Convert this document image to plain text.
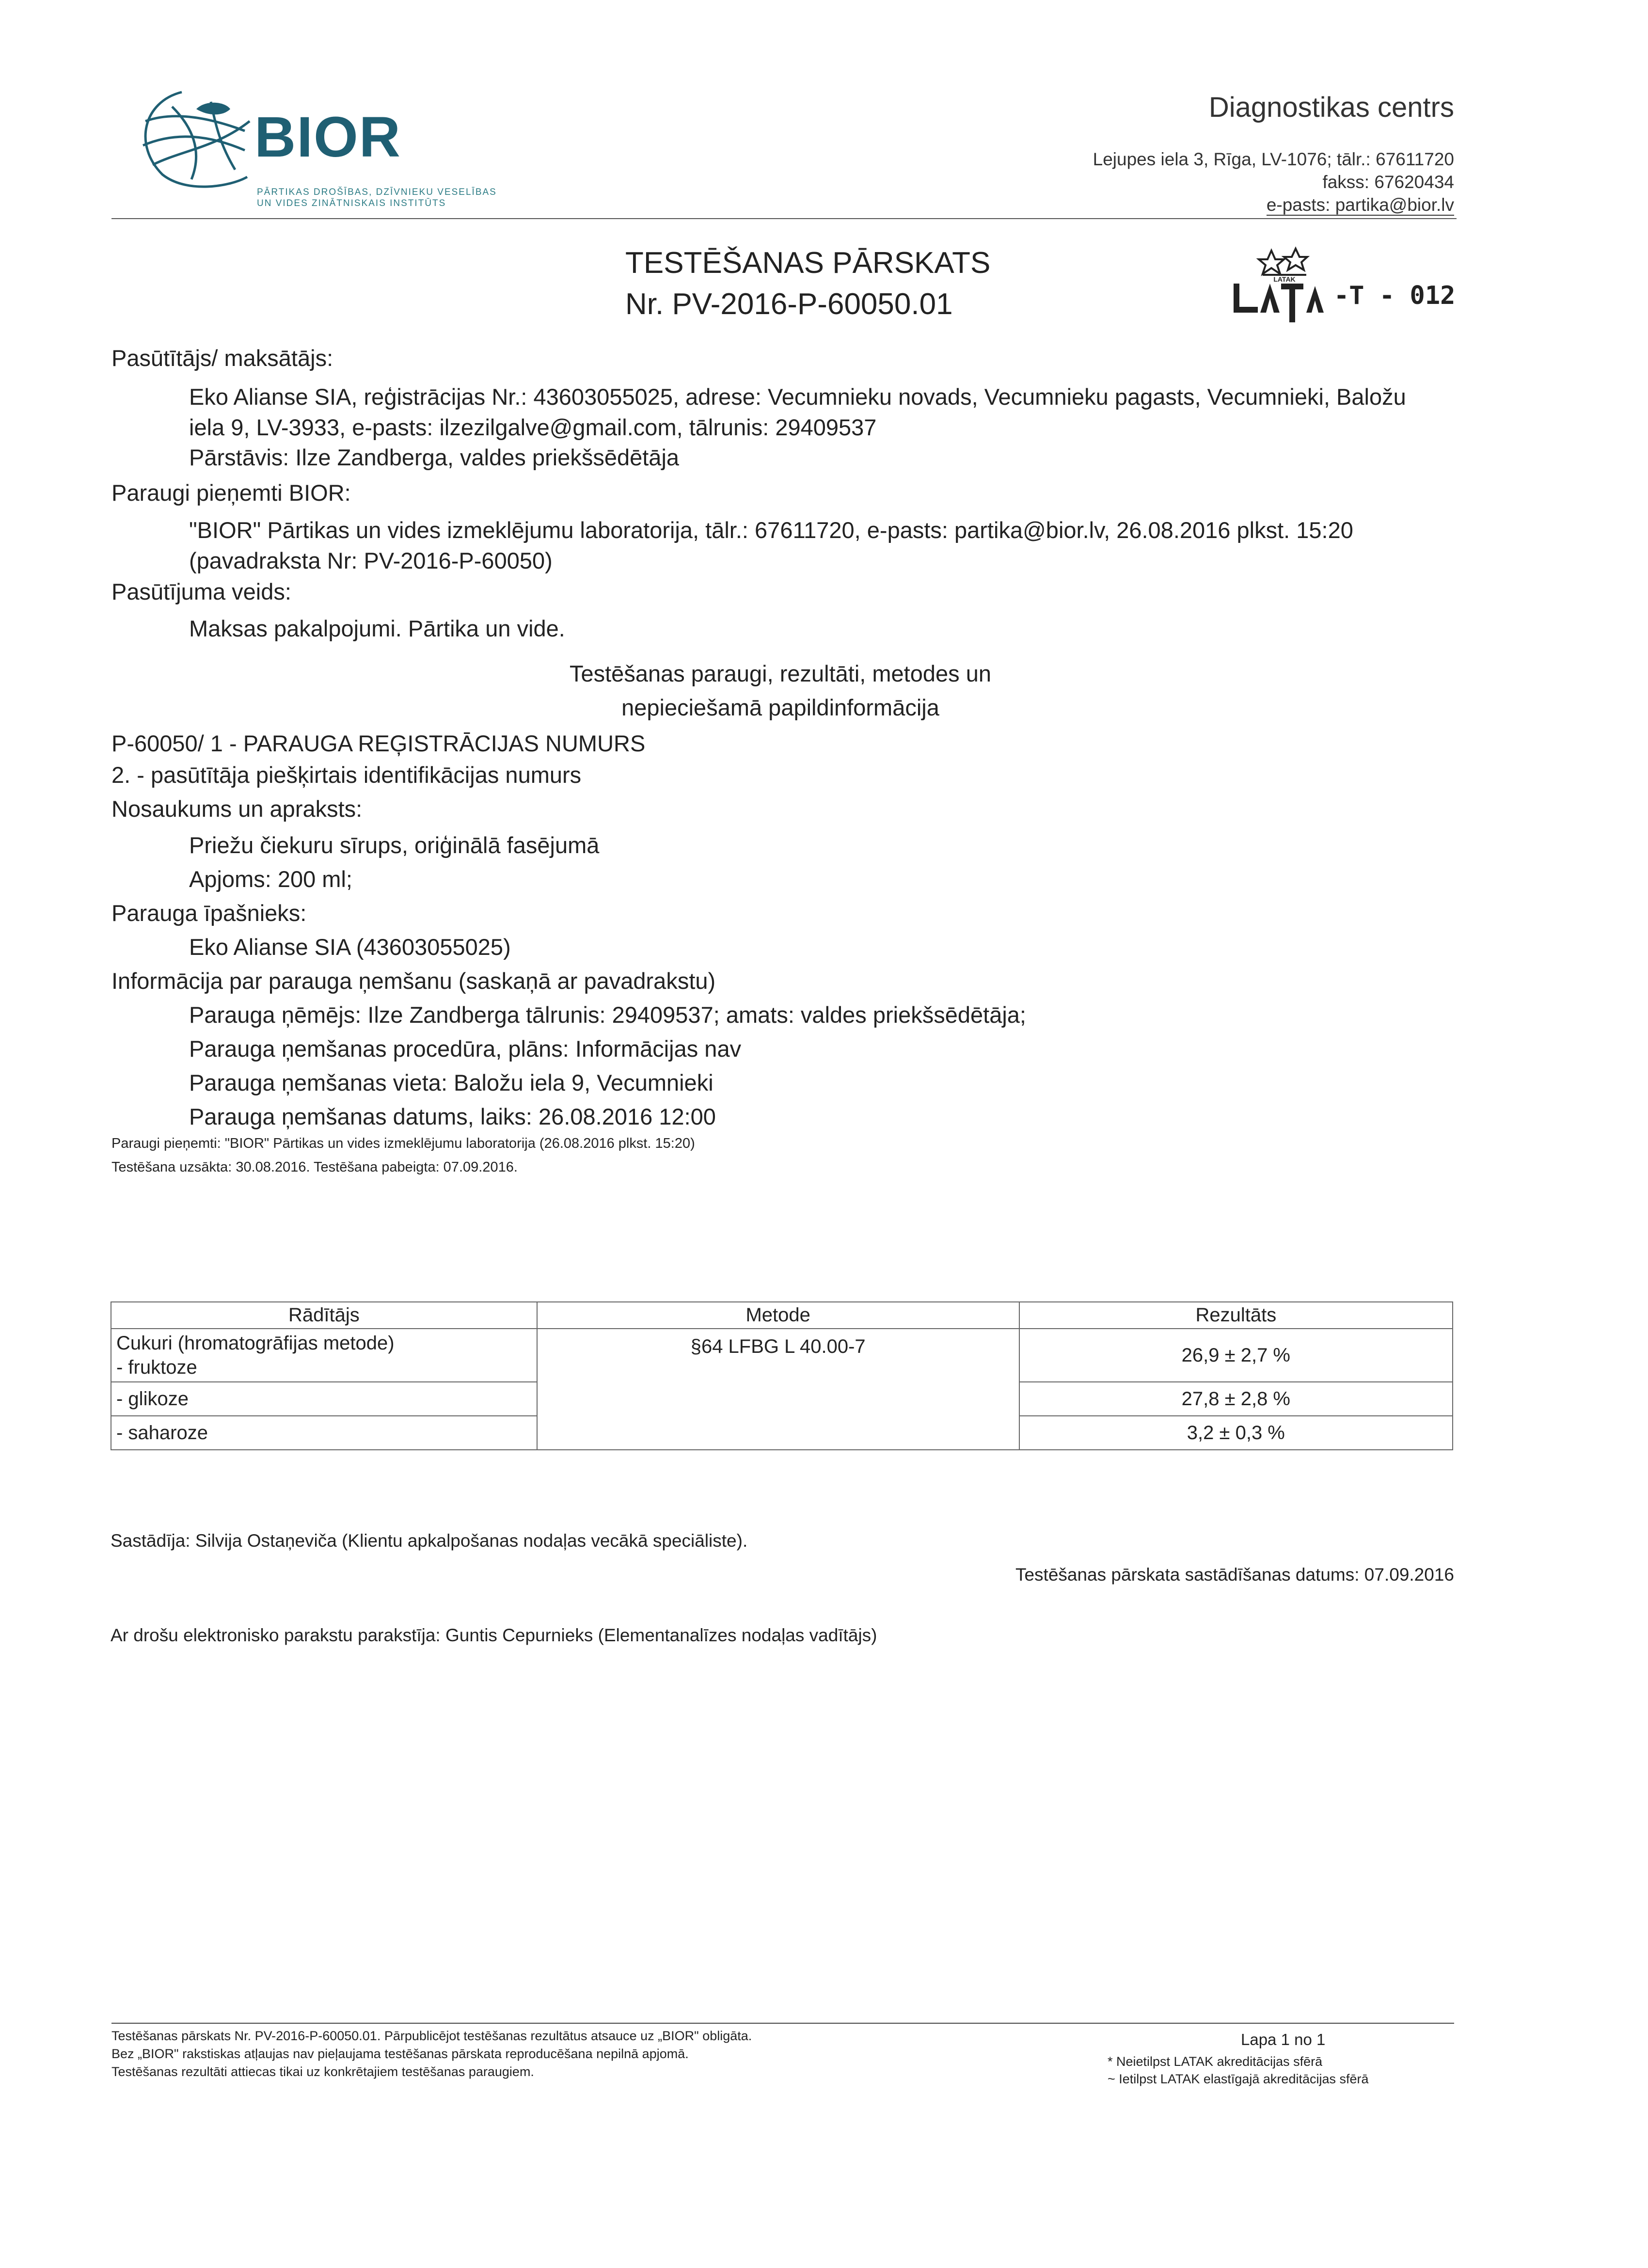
BIOR
PĀRTIKAS DROŠĪBAS, DZĪVNIEKU VESELĪBAS
UN VIDES ZINĀTNISKAIS INSTITŪTS
Diagnostikas centrs
Lejupes iela 3, Rīga, LV-1076; tālr.: 67611720
fakss: 67620434
e-pasts: partika@bior.lv
TESTĒŠANAS PĀRSKATS
Nr. PV-2016-P-60050.01
LATAK
-T - 012
Pasūtītājs/ maksātājs:
Eko Alianse SIA, reģistrācijas Nr.: 43603055025, adrese: Vecumnieku novads, Vecumnieku pagasts, Vecumnieki, Baložu
iela 9, LV-3933, e-pasts: ilzezilgalve@gmail.com, tālrunis: 29409537
Pārstāvis: Ilze Zandberga, valdes priekšsēdētāja
Paraugi pieņemti BIOR:
"BIOR" Pārtikas un vides izmeklējumu laboratorija, tālr.: 67611720, e-pasts: partika@bior.lv, 26.08.2016 plkst. 15:20
(pavadraksta Nr: PV-2016-P-60050)
Pasūtījuma veids:
Maksas pakalpojumi. Pārtika un vide.
Testēšanas paraugi, rezultāti, metodes un
nepieciešamā papildinformācija
P-60050/ 1 - PARAUGA REĢISTRĀCIJAS NUMURS
2. - pasūtītāja piešķirtais identifikācijas numurs
Nosaukums un apraksts:
Priežu čiekuru sīrups, oriģinālā fasējumā
Apjoms: 200 ml;
Parauga īpašnieks:
Eko Alianse SIA (43603055025)
Informācija par parauga ņemšanu (saskaņā ar pavadrakstu)
Parauga ņēmējs: Ilze Zandberga tālrunis: 29409537; amats: valdes priekšsēdētāja;
Parauga ņemšanas procedūra, plāns: Informācijas nav
Parauga ņemšanas vieta: Baložu iela 9, Vecumnieki
Parauga ņemšanas datums, laiks: 26.08.2016 12:00
Paraugi pieņemti: "BIOR" Pārtikas un vides izmeklējumu laboratorija (26.08.2016 plkst. 15:20)
Testēšana uzsākta: 30.08.2016. Testēšana pabeigta: 07.09.2016.
Rādītājs	Metode	Rezultāts

Cukuri (hromatogrāfijas metode)
- fruktoze	§64 LFBG L 40.00-7	26,9 ± 2,7 %
- glikoze		27,8 ± 2,8 %
- saharoze		3,2 ± 0,3 %
Sastādīja: Silvija Ostaņeviča (Klientu apkalpošanas nodaļas vecākā speciāliste).
Testēšanas pārskata sastādīšanas datums: 07.09.2016
Ar drošu elektronisko parakstu parakstīja: Guntis Cepurnieks (Elementanalīzes nodaļas vadītājs)
Testēšanas pārskats Nr. PV-2016-P-60050.01. Pārpublicējot testēšanas rezultātus atsauce uz „BIOR" obligāta.
Bez „BIOR" rakstiskas atļaujas nav pieļaujama testēšanas pārskata reproducēšana nepilnā apjomā.
Testēšanas rezultāti attiecas tikai uz konkrētajiem testēšanas paraugiem.
Lapa 1 no 1
* Neietilpst LATAK akreditācijas sfērā
~ Ietilpst LATAK elastīgajā akreditācijas sfērā
